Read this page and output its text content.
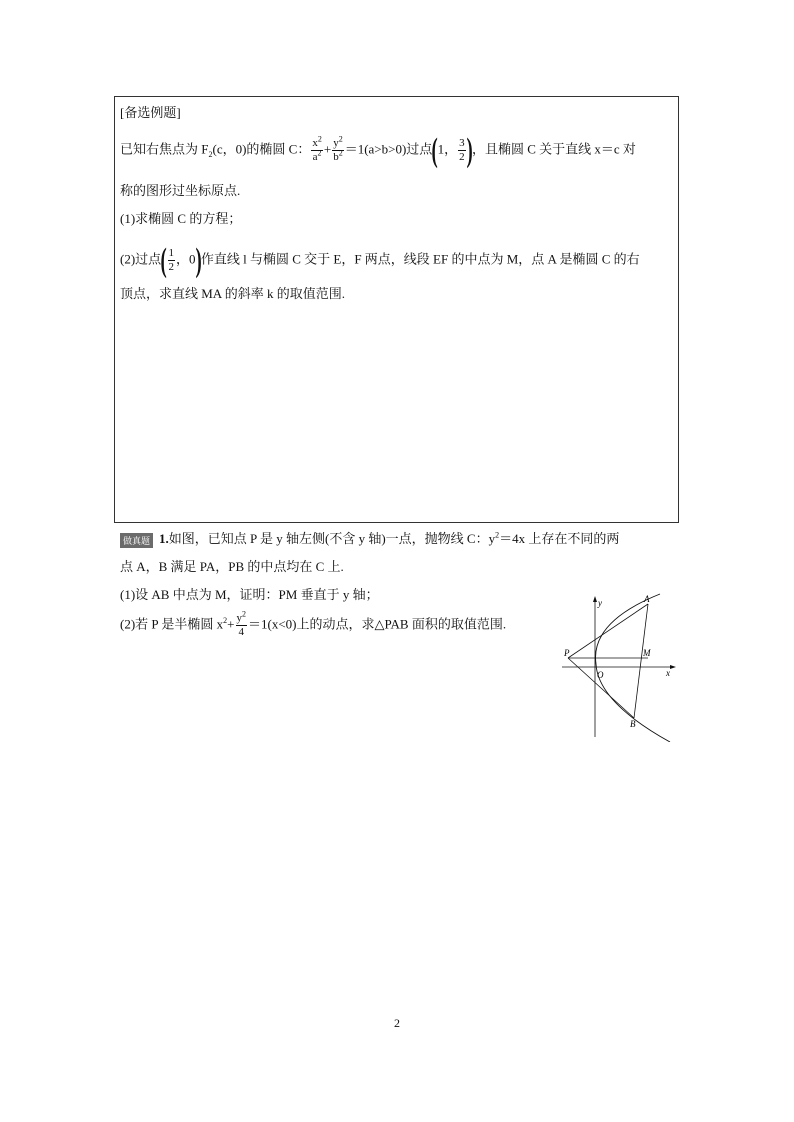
[备选例题]
已知右焦点为 $F_2(c$，0)的椭圆 C： $\frac{x^2}{a^2} + \frac{y^2}{b^2} =1(a>b>0)$过点(1， $\frac{3}{2}$ )，且椭圆 C 关于直线 x＝c 对
称的图形过坐标原点.
(1)求椭圆 C 的方程；
(2)过点( $\frac{1}{2}$ ，0)作直线 l 与椭圆 C 交于 E，F 两点，线段 EF 的中点为 M，点 A 是椭圆 C 的右
顶点，求直线 MA 的斜率 k 的取值范围.
做真题 1.如图，已知点 P 是 y 轴左侧(不含 y 轴)一点，抛物线 C：$y^2=4x$ 上存在不同的两
点 A，B 满足 PA，PB 的中点均在 C 上.
(1)设 AB 中点为 M，证明：PM 垂直于 y 轴；
(2)若 P 是半椭圆 $x^2+ \frac{y^2}{4} =1(x<0)$上的动点，求△PAB 面积的取值范围.
y
x
A
B
M
P
O
2
